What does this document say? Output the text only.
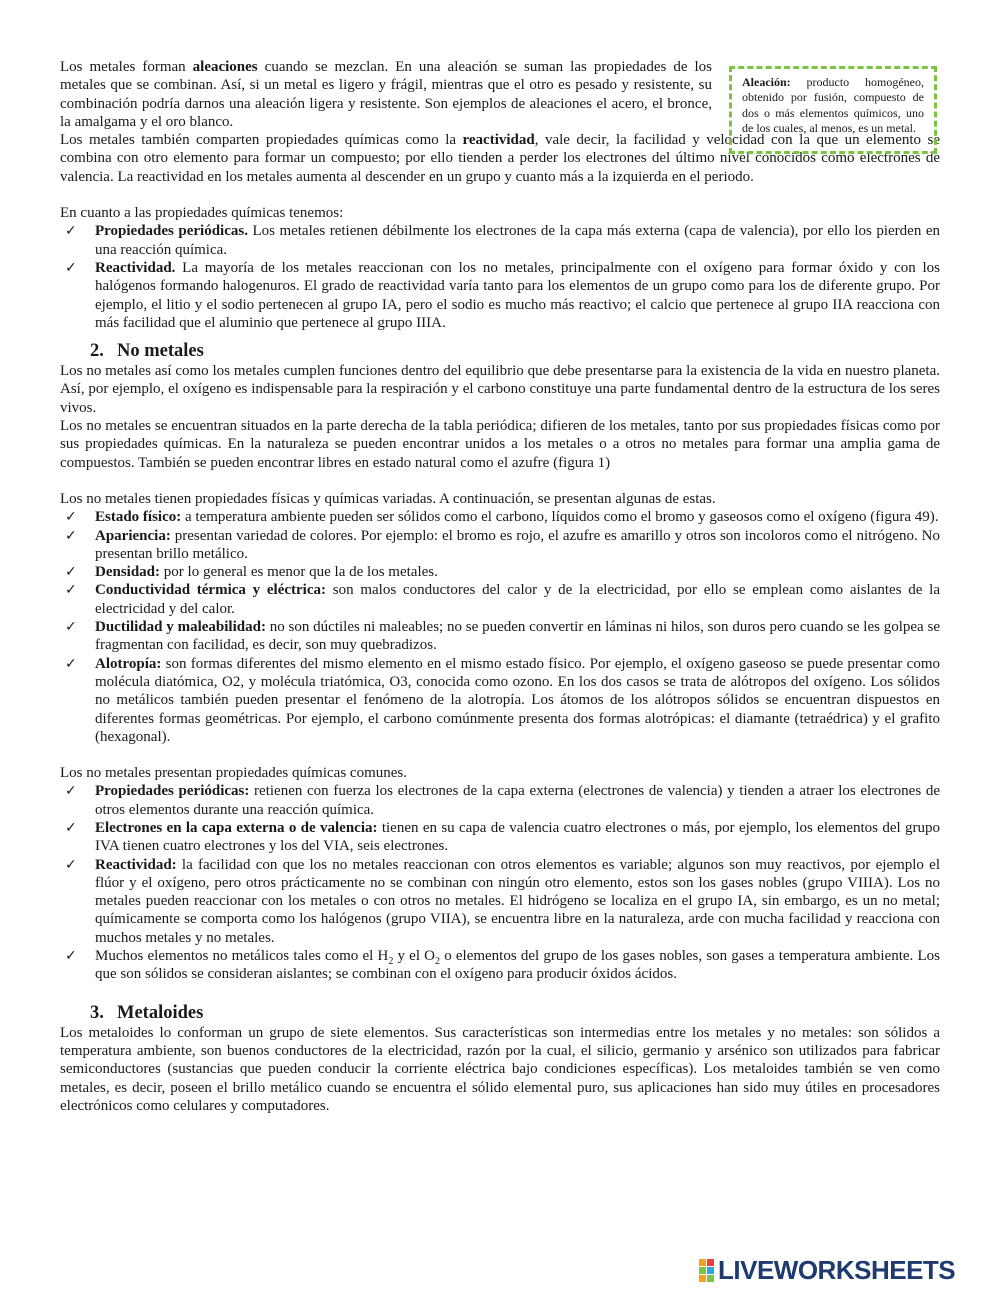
Los metales forman aleaciones cuando se mezclan. En una aleación se suman las propiedades de los metales que se combinan. Así, si un metal es ligero y frágil, mientras que el otro es pesado y resistente, su combinación podría darnos una aleación ligera y resistente. Son ejemplos de aleaciones el acero, el bronce, la amalgama y el oro blanco.

Los metales también comparten propiedades químicas como la reactividad, vale decir, la facilidad y velocidad con la que un elemento se combina con otro elemento para formar un compuesto; por ello tienden a perder los electrones del último nivel conocidos como electrones de valencia. La reactividad en los metales aumenta al descender en un grupo y cuanto más a la izquierda en el periodo.

Aleación: producto homogéneo, obtenido por fusión, compuesto de dos o más elementos químicos, uno de los cuales, al menos, es un metal.

En cuanto a las propiedades químicas tenemos:

✓ Propiedades periódicas. Los metales retienen débilmente los electrones de la capa más externa (capa de valencia), por ello los pierden en una reacción química.
✓ Reactividad. La mayoría de los metales reaccionan con los no metales, principalmente con el oxígeno para formar óxido y con los halógenos formando halogenuros. El grado de reactividad varía tanto para los elementos de un grupo como para los de diferente grupo. Por ejemplo, el litio y el sodio pertenecen al grupo IA, pero el sodio es mucho más reactivo; el calcio que pertenece al grupo IIA reacciona con más facilidad que el aluminio que pertenece al grupo IIIA.
2. No metales

Los no metales así como los metales cumplen funciones dentro del equilibrio que debe presentarse para la existencia de la vida en nuestro planeta. Así, por ejemplo, el oxígeno es indispensable para la respiración y el carbono constituye una parte fundamental dentro de la estructura de los seres vivos.

Los no metales se encuentran situados en la parte derecha de la tabla periódica; difieren de los metales, tanto por sus propiedades físicas como por sus propiedades químicas. En la naturaleza se pueden encontrar unidos a los metales o a otros no metales para formar una amplia gama de compuestos. También se pueden encontrar libres en estado natural como el azufre (figura 1)

Los no metales tienen propiedades físicas y químicas variadas. A continuación, se presentan algunas de estas.

✓ Estado físico: a temperatura ambiente pueden ser sólidos como el carbono, líquidos como el bromo y gaseosos como el oxígeno (figura 49).
✓ Apariencia: presentan variedad de colores. Por ejemplo: el bromo es rojo, el azufre es amarillo y otros son incoloros como el nitrógeno. No presentan brillo metálico.
✓ Densidad: por lo general es menor que la de los metales.
✓ Conductividad térmica y eléctrica: son malos conductores del calor y de la electricidad, por ello se emplean como aislantes de la electricidad y del calor.
✓ Ductilidad y maleabilidad: no son dúctiles ni maleables; no se pueden convertir en láminas ni hilos, son duros pero cuando se les golpea se fragmentan con facilidad, es decir, son muy quebradizos.
✓ Alotropía: son formas diferentes del mismo elemento en el mismo estado físico. Por ejemplo, el oxígeno gaseoso se puede presentar como molécula diatómica, O2, y molécula triatómica, O3, conocida como ozono. En los dos casos se trata de alótropos del oxígeno. Los sólidos no metálicos también pueden presentar el fenómeno de la alotropía. Los átomos de los alótropos sólidos se encuentran dispuestos en diferentes formas geométricas. Por ejemplo, el carbono comúnmente presenta dos formas alotrópicas: el diamante (tetraédrica) y el grafito (hexagonal).

Los no metales presentan propiedades químicas comunes.

✓ Propiedades periódicas: retienen con fuerza los electrones de la capa externa (electrones de valencia) y tienden a atraer los electrones de otros elementos durante una reacción química.
✓ Electrones en la capa externa o de valencia: tienen en su capa de valencia cuatro electrones o más, por ejemplo, los elementos del grupo IVA tienen cuatro electrones y los del VIA, seis electrones.
✓ Reactividad: la facilidad con que los no metales reaccionan con otros elementos es variable; algunos son muy reactivos, por ejemplo el flúor y el oxígeno, pero otros prácticamente no se combinan con ningún otro elemento, estos son los gases nobles (grupo VIIIA). Los no metales pueden reaccionar con los metales o con otros no metales. El hidrógeno se localiza en el grupo IA, sin embargo, es un no metal; químicamente se comporta como los halógenos (grupo VIIA), se encuentra libre en la naturaleza, arde con mucha facilidad y reacciona con muchos metales y no metales.
✓ Muchos elementos no metálicos tales como el $H_2$ y el $O_2$ o elementos del grupo de los gases nobles, son gases a temperatura ambiente. Los que son sólidos se consideran aislantes; se combinan con el oxígeno para producir óxidos ácidos.
3. Metaloides

Los metaloides lo conforman un grupo de siete elementos. Sus características son intermedias entre los metales y no metales: son sólidos a temperatura ambiente, son buenos conductores de la electricidad, razón por la cual, el silicio, germanio y arsénico son utilizados para fabricar semiconductores (sustancias que pueden conducir la corriente eléctrica bajo condiciones específicas). Los metaloides también se ven como metales, es decir, poseen el brillo metálico cuando se encuentra el sólido elemental puro, sus aplicaciones han sido muy útiles en procesadores electrónicos como celulares y computadores.

LIVEWORKSHEETS
